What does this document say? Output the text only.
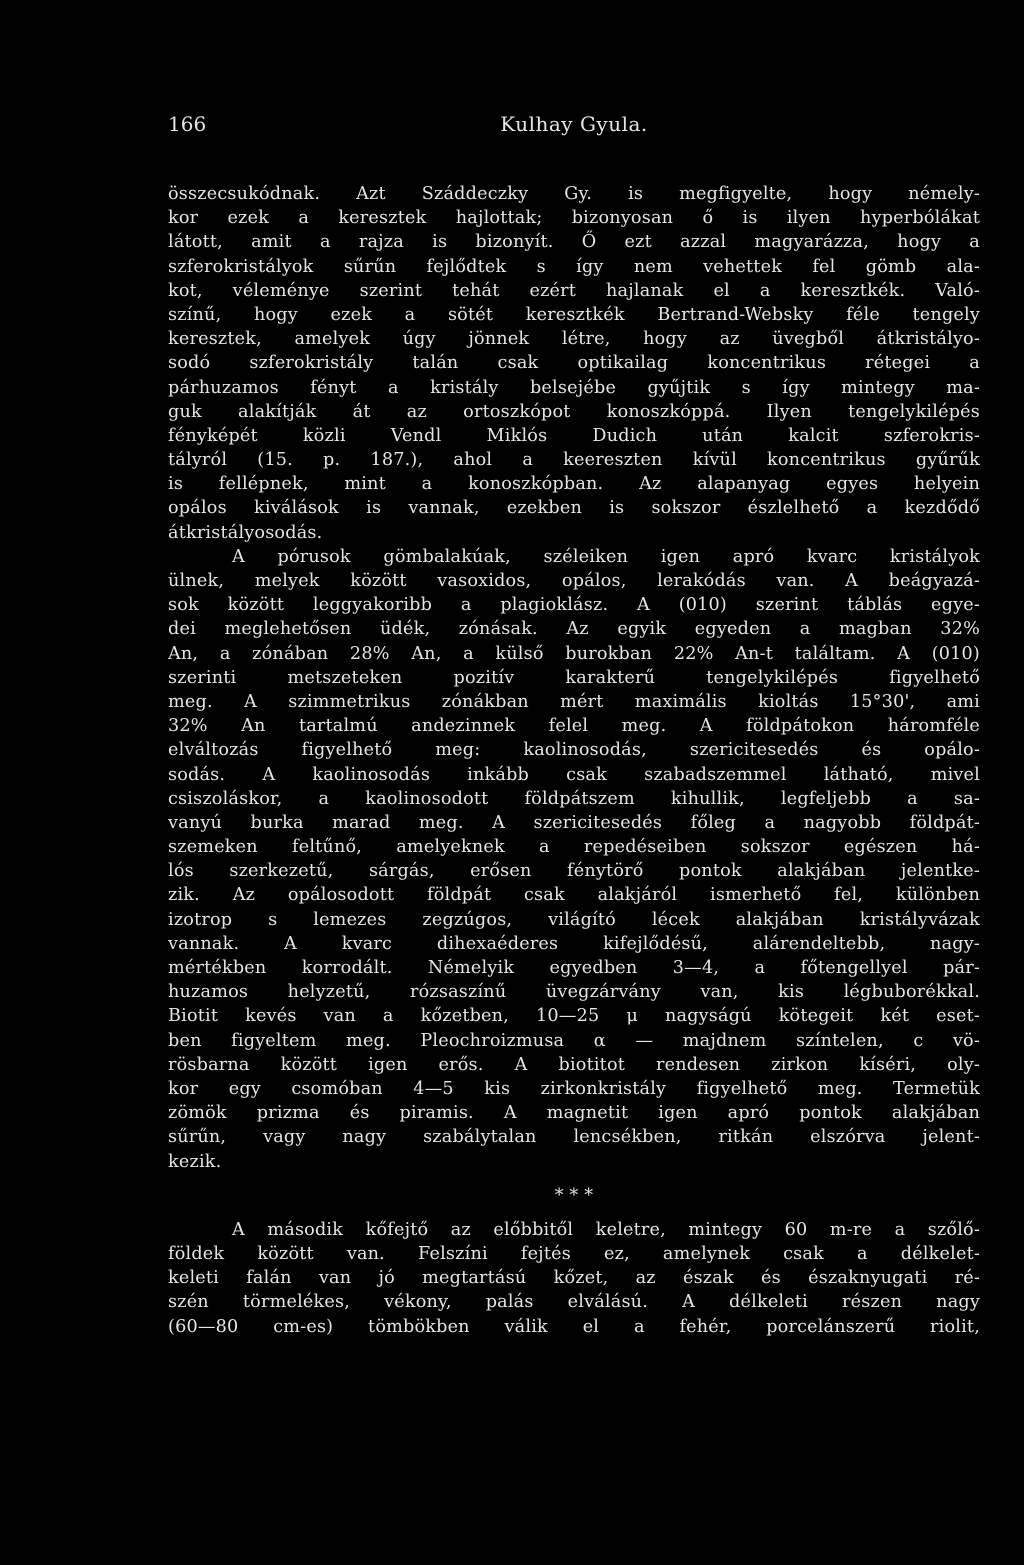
166	Kulhay Gyula.
összecsukódnak. Azt Száddeczky Gy. is megfigyelte, hogy némely-
kor ezek a keresztek hajlottak; bizonyosan ő is ilyen hyperbólákat
látott, amit a rajza is bizonyít. Ő ezt azzal magyarázza, hogy a
szferokristályok sűrűn fejlődtek s így nem vehettek fel gömb ala-
kot, véleménye szerint tehát ezért hajlanak el a keresztkék. Való-
színű, hogy ezek a sötét keresztkék Bertrand-Websky féle tengely
keresztek, amelyek úgy jönnek létre, hogy az üvegből átkristályo-
sodó szferokristály talán csak optikailag koncentrikus rétegei a
párhuzamos fényt a kristály belsejébe gyűjtik s így mintegy ma-
guk alakítják át az ortoszkópot konoszkóppá. Ilyen tengelykilépés
fényképét közli Vendl Miklós Dudich után kalcit szferokris-
tályról (15. p. 187.), ahol a keereszten kívül koncentrikus gyűrűk
is fellépnek, mint a konoszkópban. Az alapanyag egyes helyein
opálos kiválások is vannak, ezekben is sokszor észlelhető a kezdődő
átkristályosodás.
A pórusok gömbalakúak, széleiken igen apró kvarc kristályok
ülnek, melyek között vasoxidos, opálos, lerakódás van. A beágyazá-
sok között leggyakoribb a plagioklász. A (010) szerint táblás egye-
dei meglehetősen üdék, zónásak. Az egyik egyeden a magban 32%
An, a zónában 28% An, a külső burokban 22% An-t találtam. A (010)
szerinti metszeteken pozitív karakterű tengelykilépés figyelhető
meg. A szimmetrikus zónákban mért maximális kioltás 15°30', ami
32% An tartalmú andezinnek felel meg. A földpátokon háromféle
elváltozás figyelhető meg: kaolinosodás, szericitesedés és opálo-
sodás. A kaolinosodás inkább csak szabadszemmel látható, mivel
csiszoláskor, a kaolinosodott földpátszem kihullik, legfeljebb a sa-
vanyú burka marad meg. A szericitesedés főleg a nagyobb földpát-
szemeken feltűnő, amelyeknek a repedéseiben sokszor egészen há-
lós szerkezetű, sárgás, erősen fénytörő pontok alakjában jelentke-
zik. Az opálosodott földpát csak alakjáról ismerhető fel, különben
izotrop s lemezes zegzúgos, világító lécek alakjában kristályvázak
vannak. A kvarc dihexaéderes kifejlődésű, alárendeltebb, nagy-
mértékben korrodált. Némelyik egyedben 3—4, a főtengellyel pár-
huzamos helyzetű, rózsaszínű üvegzárvány van, kis légbuborékkal.
Biotit kevés van a kőzetben, 10—25 μ nagyságú kötegeit két eset-
ben figyeltem meg. Pleochroizmusa α — majdnem színtelen, c vö-
rösbarna között igen erős. A biotitot rendesen zirkon kíséri, oly-
kor egy csomóban 4—5 kis zirkonkristály figyelhető meg. Termetük
zömök prizma és piramis. A magnetit igen apró pontok alakjában
sűrűn, vagy nagy szabálytalan lencsékben, ritkán elszórva jelent-
kezik.
* * *
A második kőfejtő az előbbitől keletre, mintegy 60 m-re a szőlő-
földek között van. Felszíni fejtés ez, amelynek csak a délkelet-
keleti falán van jó megtartású kőzet, az észak és északnyugati ré-
szén törmelékes, vékony, palás elválású. A délkeleti részen nagy
(60—80 cm-es) tömbökben válik el a fehér, porcelánszerű riolit,
